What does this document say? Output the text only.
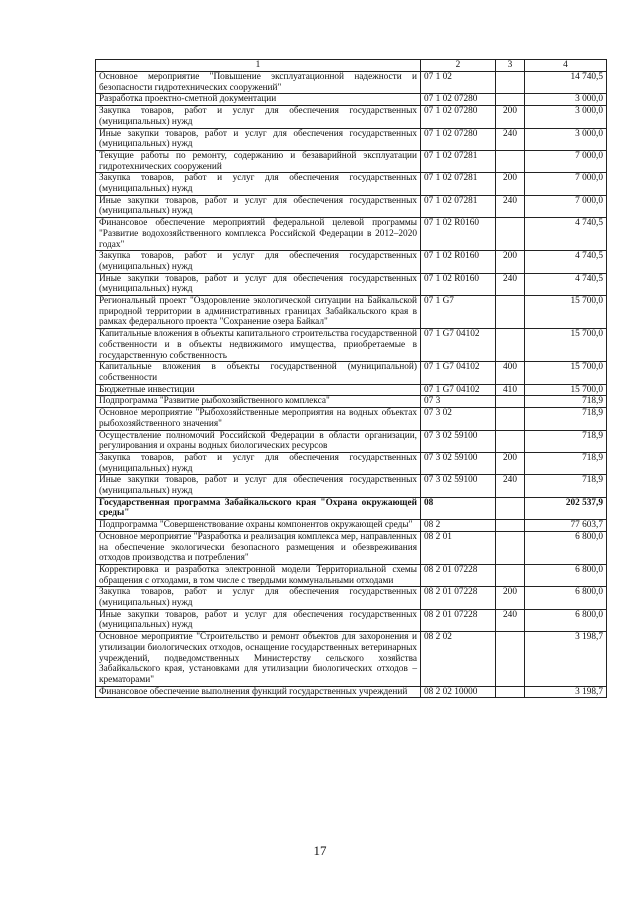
1	2	3	4
Основное мероприятие "Повышение эксплуатационной надежности и безопасности гидротехнических сооружений"	07 1 02		14 740,5
Разработка проектно-сметной документации	07 1 02 07280		3 000,0
Закупка товаров, работ и услуг для обеспечения государственных (муниципальных) нужд	07 1 02 07280	200	3 000,0
Иные закупки товаров, работ и услуг для обеспечения государственных (муниципальных) нужд	07 1 02 07280	240	3 000,0
Текущие работы по ремонту, содержанию и безаварийной эксплуатации гидротехнических сооружений	07 1 02 07281		7 000,0
Закупка товаров, работ и услуг для обеспечения государственных (муниципальных) нужд	07 1 02 07281	200	7 000,0
Иные закупки товаров, работ и услуг для обеспечения государственных (муниципальных) нужд	07 1 02 07281	240	7 000,0
Финансовое обеспечение мероприятий федеральной целевой программы "Развитие водохозяйственного комплекса Российской Федерации в 2012–2020 годах"	07 1 02 R0160		4 740,5
Закупка товаров, работ и услуг для обеспечения государственных (муниципальных) нужд	07 1 02 R0160	200	4 740,5
Иные закупки товаров, работ и услуг для обеспечения государственных (муниципальных) нужд	07 1 02 R0160	240	4 740,5
Региональный проект "Оздоровление экологической ситуации на Байкальской природной территории в административных границах Забайкальского края в рамках федерального проекта "Сохранение озера Байкал"	07 1 G7		15 700,0
Капитальные вложения в объекты капитального строительства государственной собственности и в объекты недвижимого имущества, приобретаемые в государственную собственность	07 1 G7 04102		15 700,0
Капитальные вложения в объекты государственной (муниципальной) собственности	07 1 G7 04102	400	15 700,0
Бюджетные инвестиции	07 1 G7 04102	410	15 700,0
Подпрограмма "Развитие рыбохозяйственного комплекса"	07 3		718,9
Основное мероприятие "Рыбохозяйственные мероприятия на водных объектах рыбохозяйственного значения"	07 3 02		718,9
Осуществление полномочий Российской Федерации в области организации, регулирования и охраны водных биологических ресурсов	07 3 02 59100		718,9
Закупка товаров, работ и услуг для обеспечения государственных (муниципальных) нужд	07 3 02 59100	200	718,9
Иные закупки товаров, работ и услуг для обеспечения государственных (муниципальных) нужд	07 3 02 59100	240	718,9
Государственная программа Забайкальского края "Охрана окружающей среды"	08		202 537,9
Подпрограмма "Совершенствование охраны компонентов окружающей среды"	08 2		77 603,7
Основное мероприятие "Разработка и реализация комплекса мер, направленных на обеспечение экологически безопасного размещения и обезвреживания отходов производства и потребления"	08 2 01		6 800,0
Корректировка и разработка электронной модели Территориальной схемы обращения с отходами, в том числе с твердыми коммунальными отходами	08 2 01 07228		6 800,0
Закупка товаров, работ и услуг для обеспечения государственных (муниципальных) нужд	08 2 01 07228	200	6 800,0
Иные закупки товаров, работ и услуг для обеспечения государственных (муниципальных) нужд	08 2 01 07228	240	6 800,0
Основное мероприятие "Строительство и ремонт объектов для захоронения и утилизации биологических отходов, оснащение государственных ветеринарных учреждений, подведомственных Министерству сельского хозяйства Забайкальского края, установками для утилизации биологических отходов – крематорами"	08 2 02		3 198,7
Финансовое обеспечение выполнения функций государственных учреждений	08 2 02 10000		3 198,7
17
